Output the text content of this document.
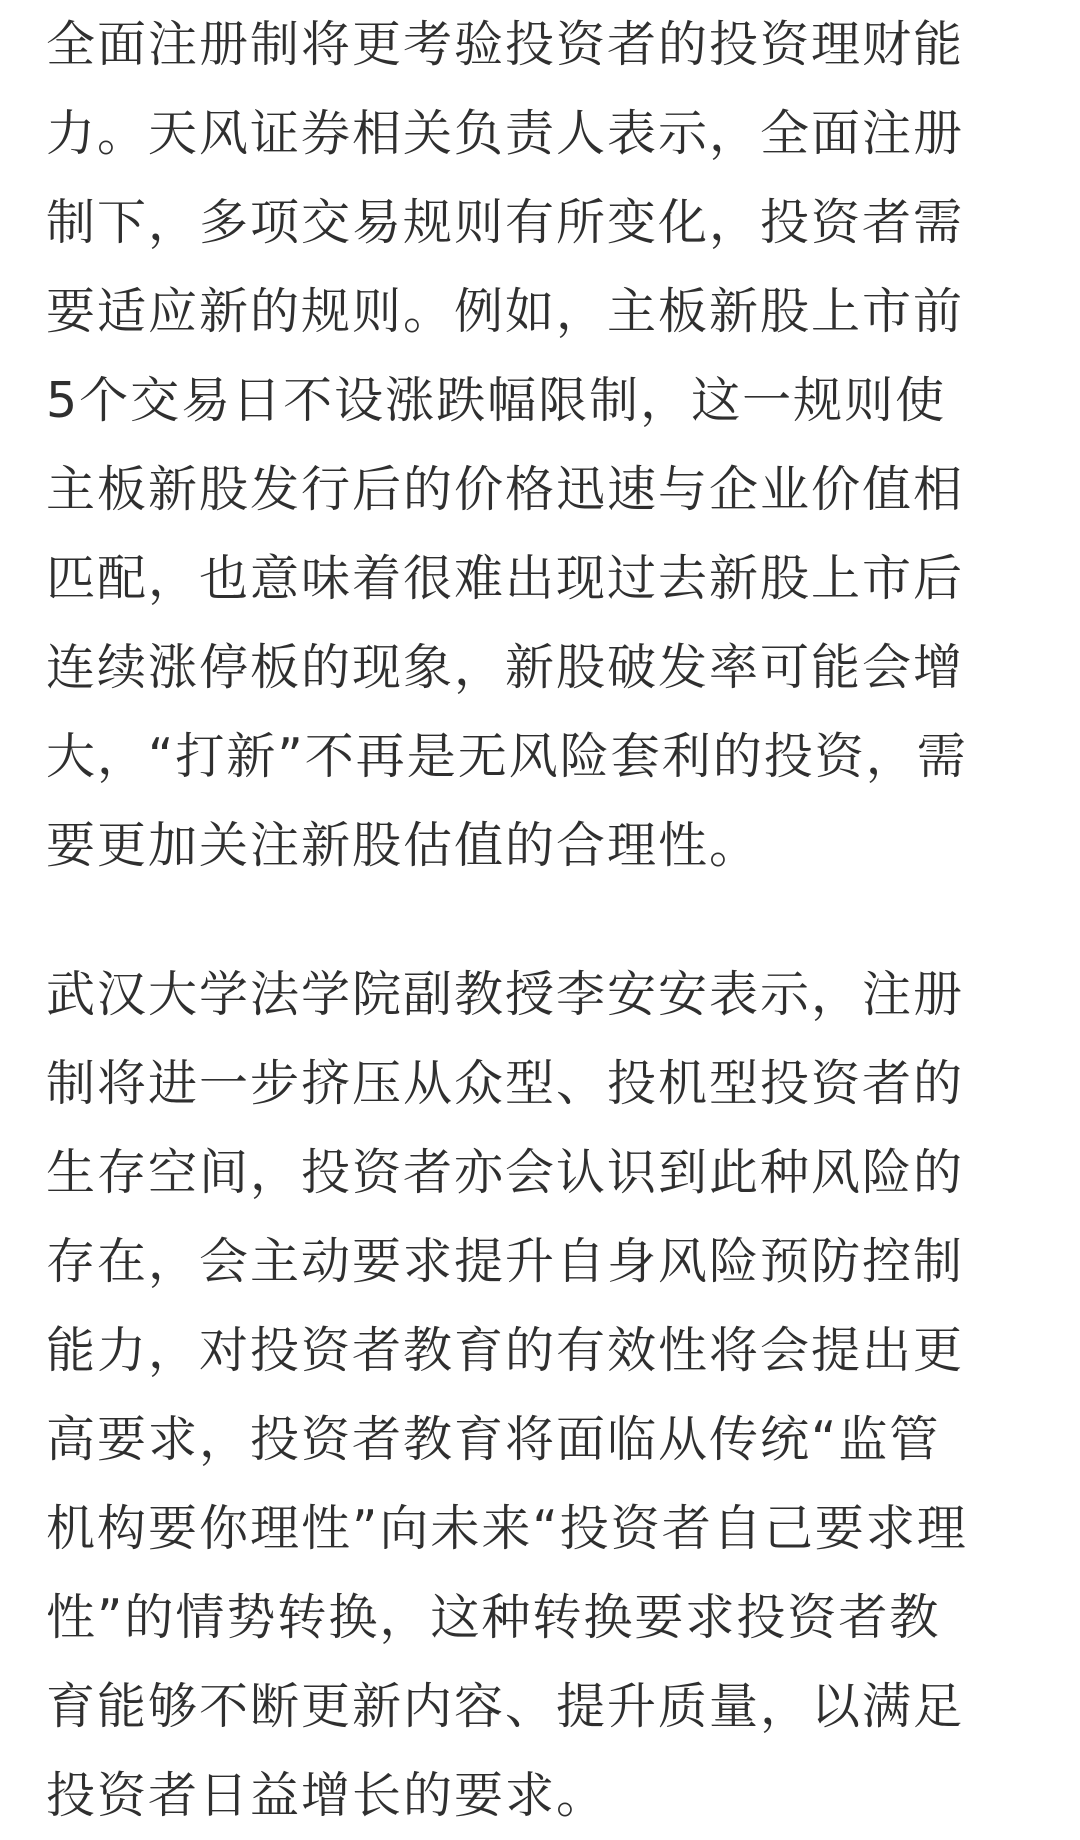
全面注册制将更考验投资者的投资理财能
力。天风证券相关负责人表示，全面注册
制下，多项交易规则有所变化，投资者需
要适应新的规则。例如，主板新股上市前
5个交易日不设涨跌幅限制，这一规则使
主板新股发行后的价格迅速与企业价值相
匹配，也意味着很难出现过去新股上市后
连续涨停板的现象，新股破发率可能会增
大，“打新”不再是无风险套利的投资，需
要更加关注新股估值的合理性。
武汉大学法学院副教授李安安表示，注册
制将进一步挤压从众型、投机型投资者的
生存空间，投资者亦会认识到此种风险的
存在，会主动要求提升自身风险预防控制
能力，对投资者教育的有效性将会提出更
高要求，投资者教育将面临从传统“监管
机构要你理性”向未来“投资者自己要求理
性”的情势转换，这种转换要求投资者教
育能够不断更新内容、提升质量，以满足
投资者日益增长的要求。
